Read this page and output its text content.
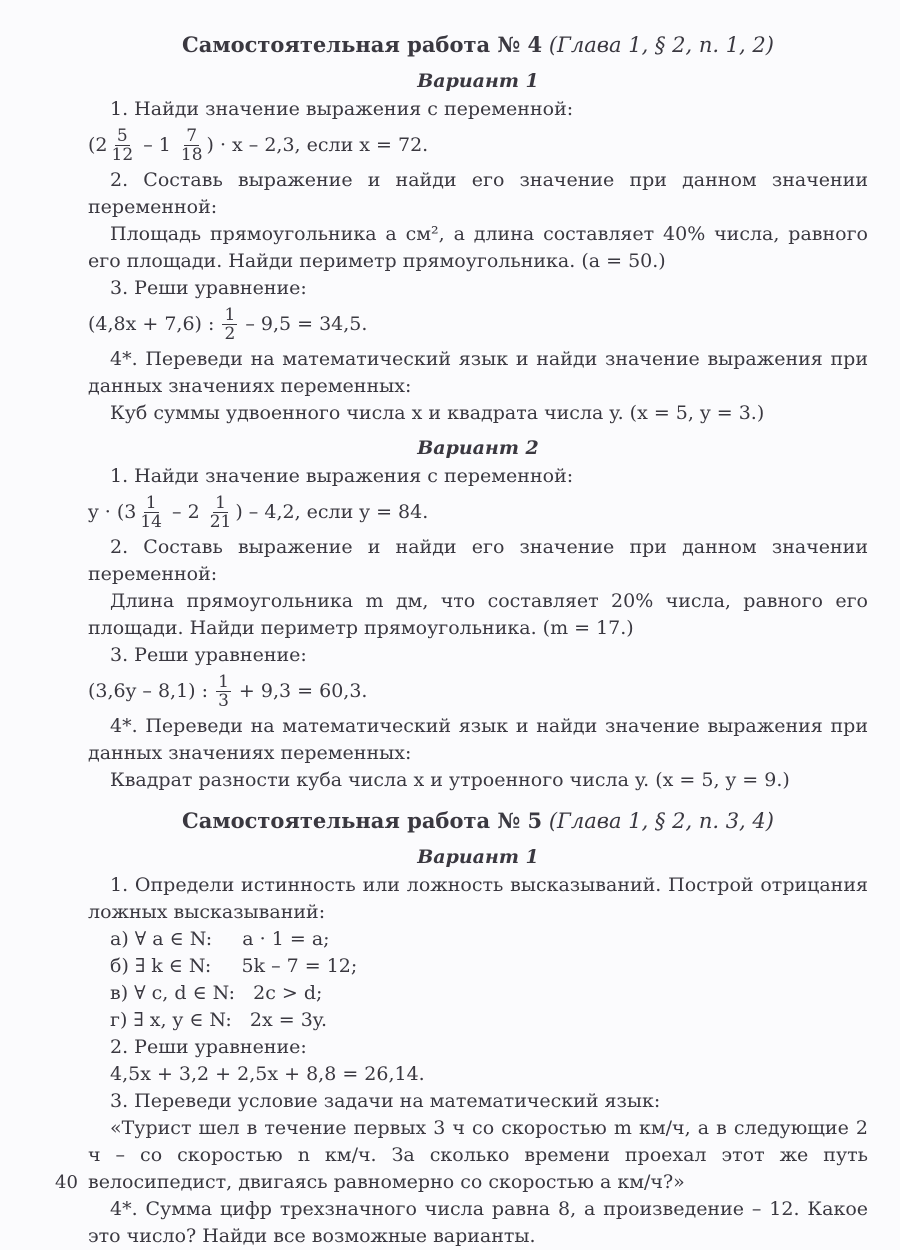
Самостоятельная работа № 4 (Глава 1, § 2, п. 1, 2)
Вариант 1

1. Найди значение выражения с переменной:

($2 \frac{5}{12} - 1 \frac{7}{18}$ ) · x – 2,3, если x = 72.

2. Составь выражение и найди его значение при данном значении переменной:

Площадь прямоугольника a см², а длина составляет 40% числа, равного его площади. Найди периметр прямоугольника. (a = 50.)

3. Реши уравнение:

(4,8x + 7,6) : $\frac{1}{2} - 9,5 = 34,5$.

4*. Переведи на математический язык и найди значение выражения при данных значениях переменных:

Куб суммы удвоенного числа x и квадрата числа y. (x = 5, y = 3.)

Вариант 2

1. Найди значение выражения с переменной:

$y \cdot (3 \frac{1}{14} - 2 \frac{1}{21}$ ) – 4,2, если y = 84.

2. Составь выражение и найди его значение при данном значении переменной:

Длина прямоугольника m дм, что составляет 20% числа, равного его площади. Найди периметр прямоугольника. (m = 17.)

3. Реши уравнение:

(3,6y – 8,1) : $\frac{1}{3} + 9,3 = 60,3$.

4*. Переведи на математический язык и найди значение выражения при данных значениях переменных:

Квадрат разности куба числа x и утроенного числа y. (x = 5, y = 9.)

Самостоятельная работа № 5 (Глава 1, § 2, п. 3, 4)
Вариант 1

1. Определи истинность или ложность высказываний. Построй отрицания ложных высказываний:

а) ∀ a ∈ N:     a · 1 = a;

б) ∃ k ∈ N:     5k – 7 = 12;

в) ∀ c, d ∈ N:   2c > d;

г) ∃ x, y ∈ N:   2x = 3y.

2. Реши уравнение:

4,5x + 3,2 + 2,5x + 8,8 = 26,14.

3. Переведи условие задачи на математический язык:

«Турист шел в течение первых 3 ч со скоростью m км/ч, а в следующие 2 ч – со скоростью n км/ч. За сколько времени проехал этот же путь велосипедист, двигаясь равномерно со скоростью a км/ч?»

4*. Сумма цифр трехзначного числа равна 8, а произведение – 12. Какое это число? Найди все возможные варианты.

40
